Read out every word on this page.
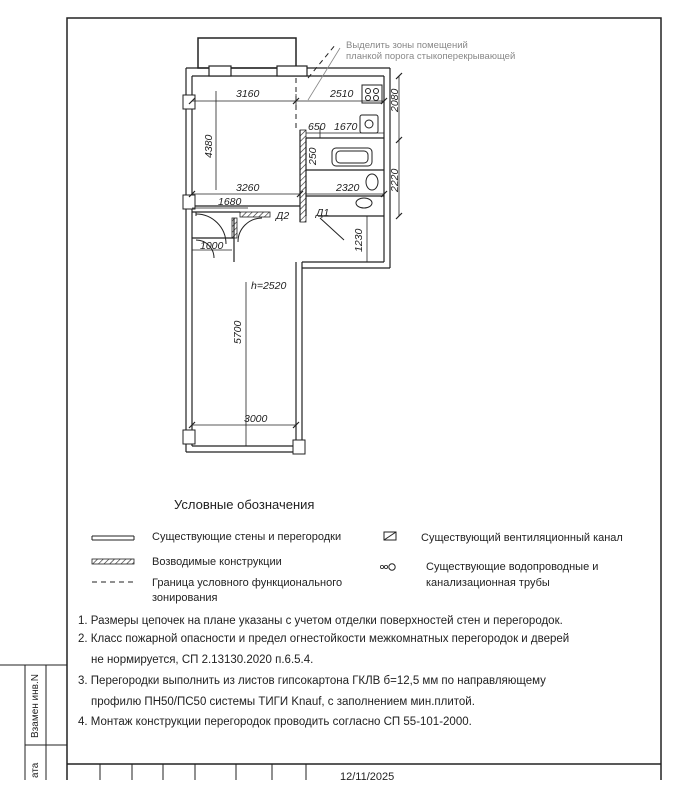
3160	2510	2080
4380
650 1670
250
3260	2320	2220
1680
1230
1000
5700
3000
Д2	Д1
h=2520
Выделить зоны помещений
планкой порога стыкоперекрывающей
Условные обозначения
Существующие стены и перегородки
Возводимые конструкции
Граница условного функционального
зонирования
Существующий вентиляционный канал
Существующие водопроводные и
канализационная трубы
1. Размеры цепочек на плане указаны с учетом отделки поверхностей стен и перегородок.
2. Класс пожарной опасности и предел огнестойкости межкомнатных перегородок и дверей
не нормируется, СП 2.13130.2020 п.6.5.4.
3. Перегородки выполнить из листов гипсокартона ГКЛВ б=12,5 мм по направляющему
профилю ПН50/ПС50 системы ТИГИ Knauf, с заполнением мин.плитой.
4. Монтаж конструкции перегородок проводить согласно СП 55-101-2000.
Взамен инв.N
ата	12/11/2025
